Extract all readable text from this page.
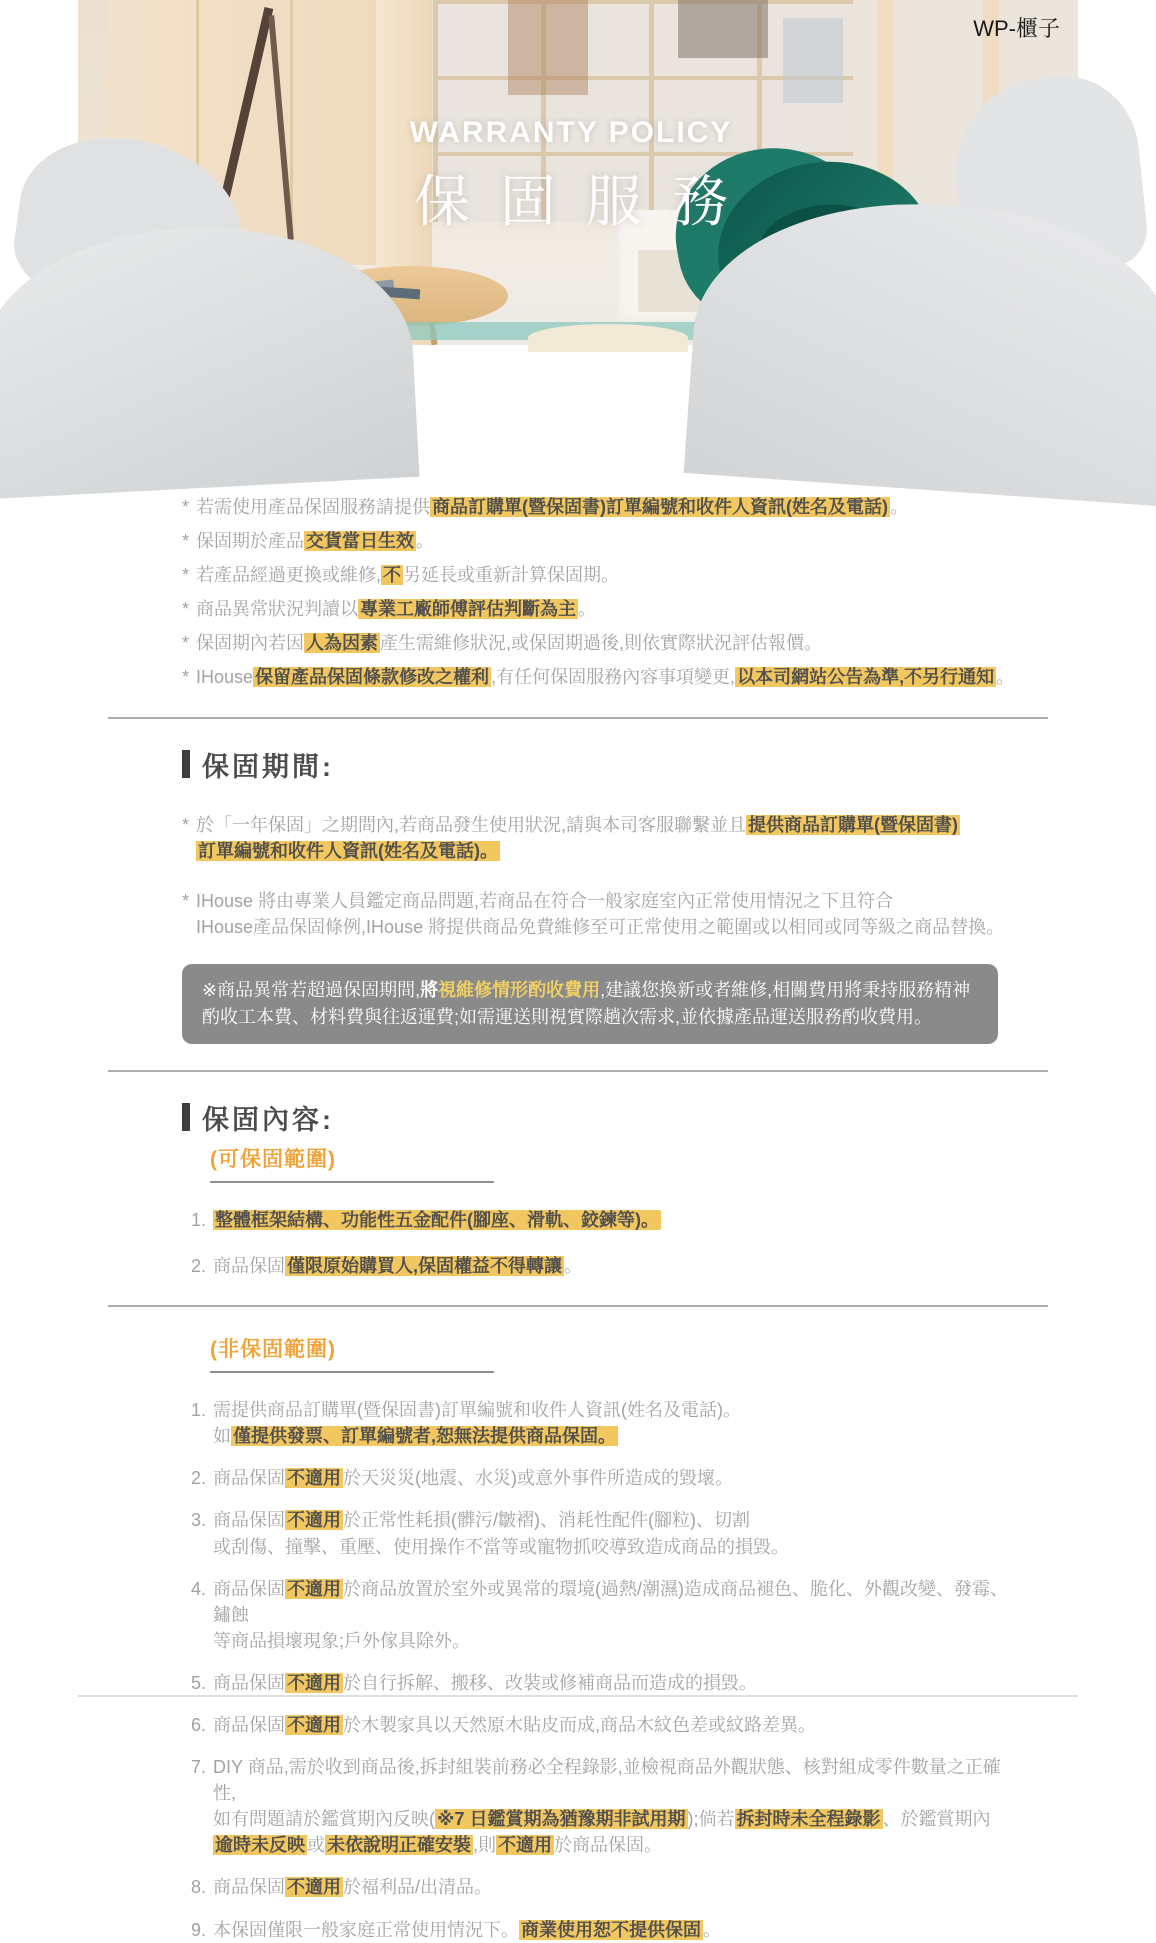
WARRANTY POLICY
保固服務
WP-櫃子
* 若需使用產品保固服務請提供 商品訂購單(暨保固書)訂單編號和收件人資訊(姓名及電話) 。
* 保固期於產品 交貨當日生效 。
* 若產品經過更換或維修, 不 另延長或重新計算保固期。
* 商品異常狀況判讀以 專業工廠師傅評估判斷為主 。
* 保固期內若因 人為因素 產生需維修狀況,或保固期過後,則依實際狀況評估報價。
* IHouse 保留產品保固條款修改之權利 ,有任何保固服務內容事項變更, 以本司網站公告為準,不另行通知 。
保固期間:
* 於「一年保固」之期間內,若商品發生使用狀況,請與本司客服聯繫並且 提供商品訂購單(暨保固書)
訂單編號和收件人資訊(姓名及電話)。
* IHouse 將由專業人員鑑定商品問題,若商品在符合一般家庭室內正常使用情況之下且符合
IHouse產品保固條例,IHouse 將提供商品免費維修至可正常使用之範圍或以相同或同等級之商品替換。
※商品異常若超過保固期間,將視維修情形酌收費用,建議您換新或者維修,相關費用將秉持服務精神酌收工本費、材料費與往返運費;如需運送則視實際趟次需求,並依據產品運送服務酌收費用。
保固內容:
(可保固範圍)
1. 整體框架結構、功能性五金配件(腳座、滑軌、鉸鍊等)。
2. 商品保固 僅限原始購買人,保固權益不得轉讓 。
(非保固範圍)
1. 需提供商品訂購單(暨保固書)訂單編號和收件人資訊(姓名及電話)。
如 僅提供發票、訂單編號者,恕無法提供商品保固。
2. 商品保固 不適用 於天災災(地震、水災)或意外事件所造成的毀壞。
3. 商品保固 不適用 於正常性耗損(髒污/皺褶)、消耗性配件(腳粒)、切割
或刮傷、撞擊、重壓、使用操作不當等或寵物抓咬導致造成商品的損毀。
4. 商品保固 不適用 於商品放置於室外或異常的環境(過熱/潮濕)造成商品褪色、脆化、外觀改變、發霉、鏽蝕
等商品損壞現象;戶外傢具除外。
5. 商品保固 不適用 於自行拆解、搬移、改裝或修補商品而造成的損毀。
6. 商品保固 不適用 於木製家具以天然原木貼皮而成,商品木紋色差或紋路差異。
7. DIY 商品,需於收到商品後,拆封組裝前務必全程錄影,並檢視商品外觀狀態、核對組成零件數量之正確性,
如有問題請於鑑賞期內反映( ※7 日鑑賞期為猶豫期非試用期 );倘若 拆封時未全程錄影 、於鑑賞期內
逾時未反映 或 未依說明正確安裝 ,則 不適用 於商品保固。
8. 商品保固 不適用 於福利品/出清品。
9. 本保固僅限一般家庭正常使用情況下。 商業使用恕不提供保固 。
